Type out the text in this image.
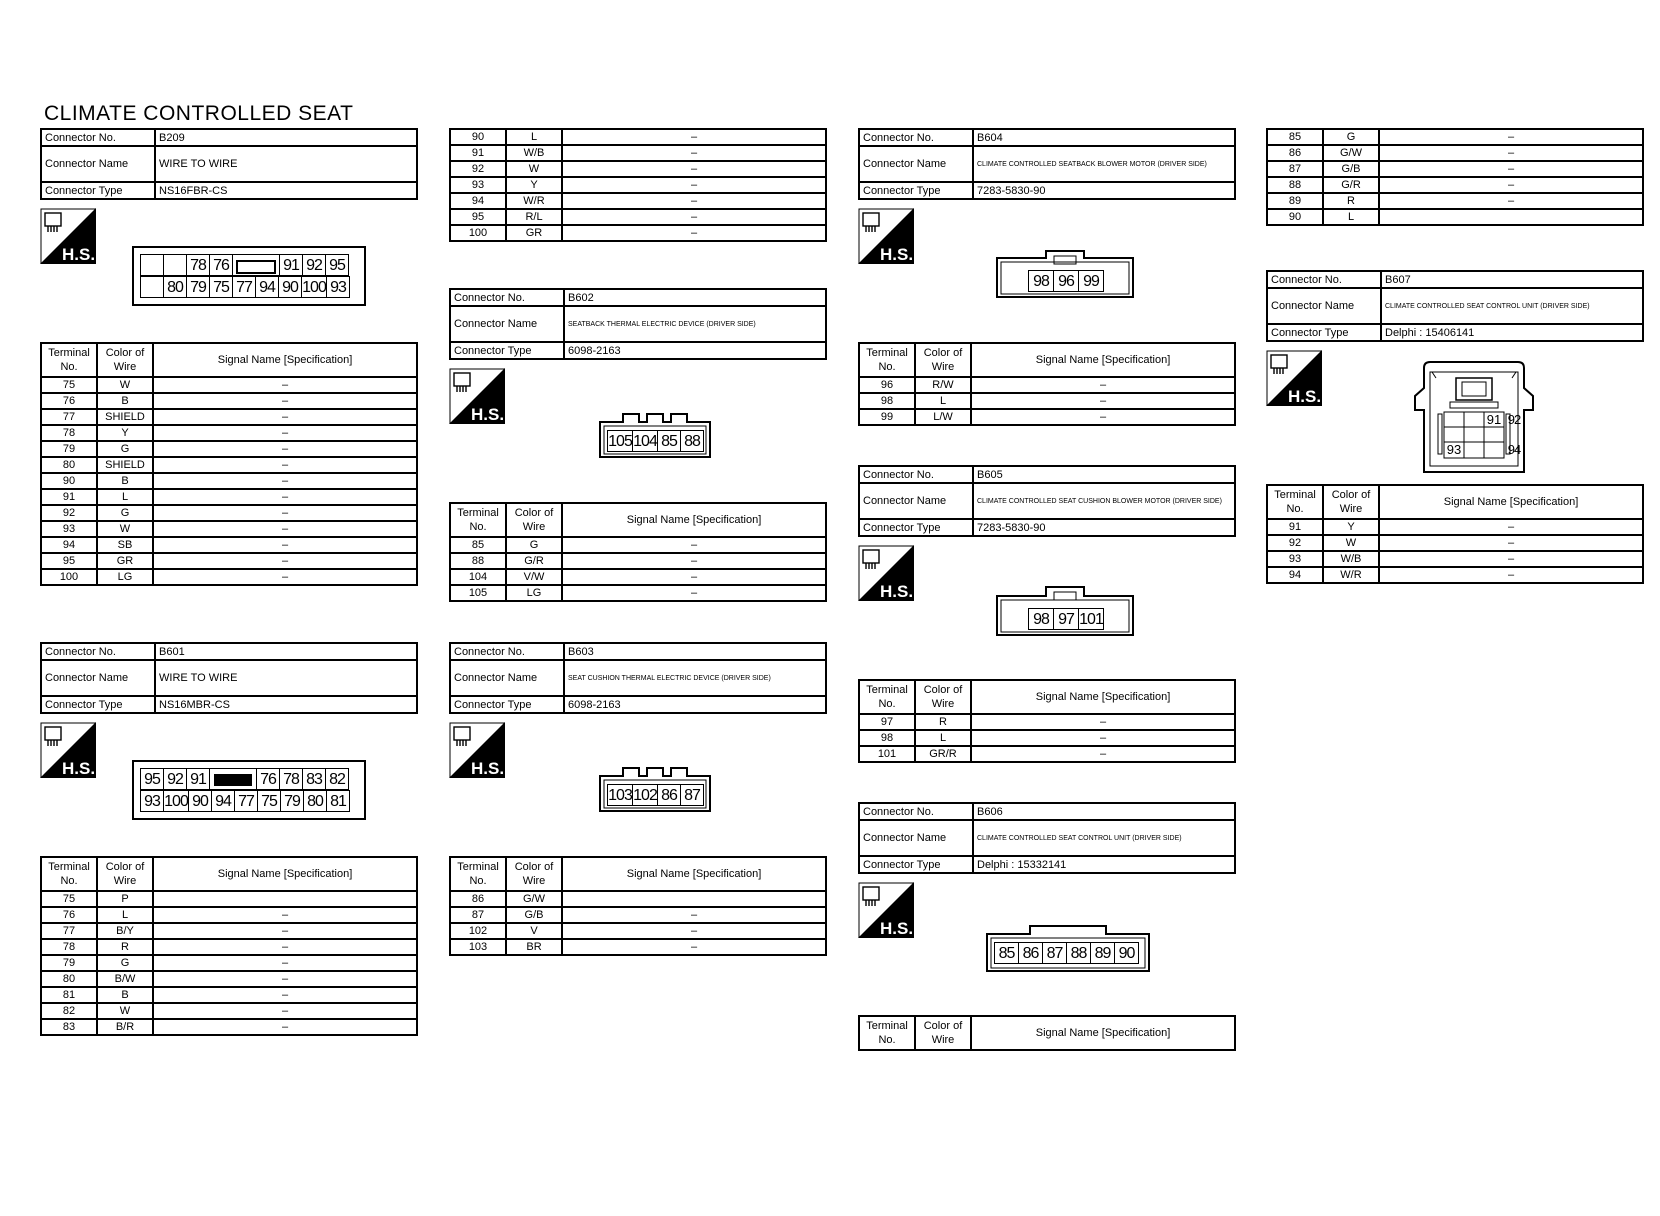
CLIMATE CONTROLLED SEAT
Connector No.	B209
Connector Name	WIRE TO WIRE
Connector Type	NS16FBR-CS
H.S.
78 76	91 92 95
80 79 75 77 94 90 100 93
Terminal No.	Color of Wire	Signal Name [Specification]
75	W	–
76	B	–
77	SHIELD	–
78	Y	–
79	G	–
80	SHIELD	–
90	B	–
91	L	–
92	G	–
93	W	–
94	SB	–
95	GR	–
100	LG	–
Connector No.	B601
Connector Name	WIRE TO WIRE
Connector Type	NS16MBR-CS
H.S.
95 92 91	76 78 83 82
93 100 90 94 77 75 79 80 81
Terminal No.	Color of Wire	Signal Name [Specification]
75	P	
76	L	–
77	B/Y	–
78	R	–
79	G	–
80	B/W	–
81	B	–
82	W	–
83	B/R	–
90	L	–
91	W/B	–
92	W	–
93	Y	–
94	W/R	–
95	R/L	–
100	GR	–
Connector No.	B602
Connector Name	SEATBACK THERMAL ELECTRIC DEVICE (DRIVER SIDE)
Connector Type	6098-2163
H.S.
105 104 85 88
Terminal No.	Color of Wire	Signal Name [Specification]
85	G	–
88	G/R	–
104	V/W	–
105	LG	–
Connector No.	B603
Connector Name	SEAT CUSHION THERMAL ELECTRIC DEVICE (DRIVER SIDE)
Connector Type	6098-2163
H.S.
103 102 86 87
Terminal No.	Color of Wire	Signal Name [Specification]
86	G/W	
87	G/B	–
102	V	–
103	BR	–
Connector No.	B604
Connector Name	CLIMATE CONTROLLED SEATBACK BLOWER MOTOR (DRIVER SIDE)
Connector Type	7283-5830-90
H.S.
98 96 99
Terminal No.	Color of Wire	Signal Name [Specification]
96	R/W	–
98	L	–
99	L/W	–
Connector No.	B605
Connector Name	CLIMATE CONTROLLED SEAT CUSHION BLOWER MOTOR (DRIVER SIDE)
Connector Type	7283-5830-90
H.S.
98 97 101
Terminal No.	Color of Wire	Signal Name [Specification]
97	R	–
98	L	–
101	GR/R	–
Connector No.	B606
Connector Name	CLIMATE CONTROLLED SEAT CONTROL UNIT (DRIVER SIDE)
Connector Type	Delphi : 15332141
H.S.
85 86 87 88 89 90
Terminal No.	Color of Wire	Signal Name [Specification]
85	G	–
86	G/W	–
87	G/B	–
88	G/R	–
89	R	–
90	L	
Connector No.	B607
Connector Name	CLIMATE CONTROLLED SEAT CONTROL UNIT (DRIVER SIDE)
Connector Type	Delphi : 15406141
H.S.
91 92
93	94
Terminal No.	Color of Wire	Signal Name [Specification]
91	Y	–
92	W	–
93	W/B	–
94	W/R	–
